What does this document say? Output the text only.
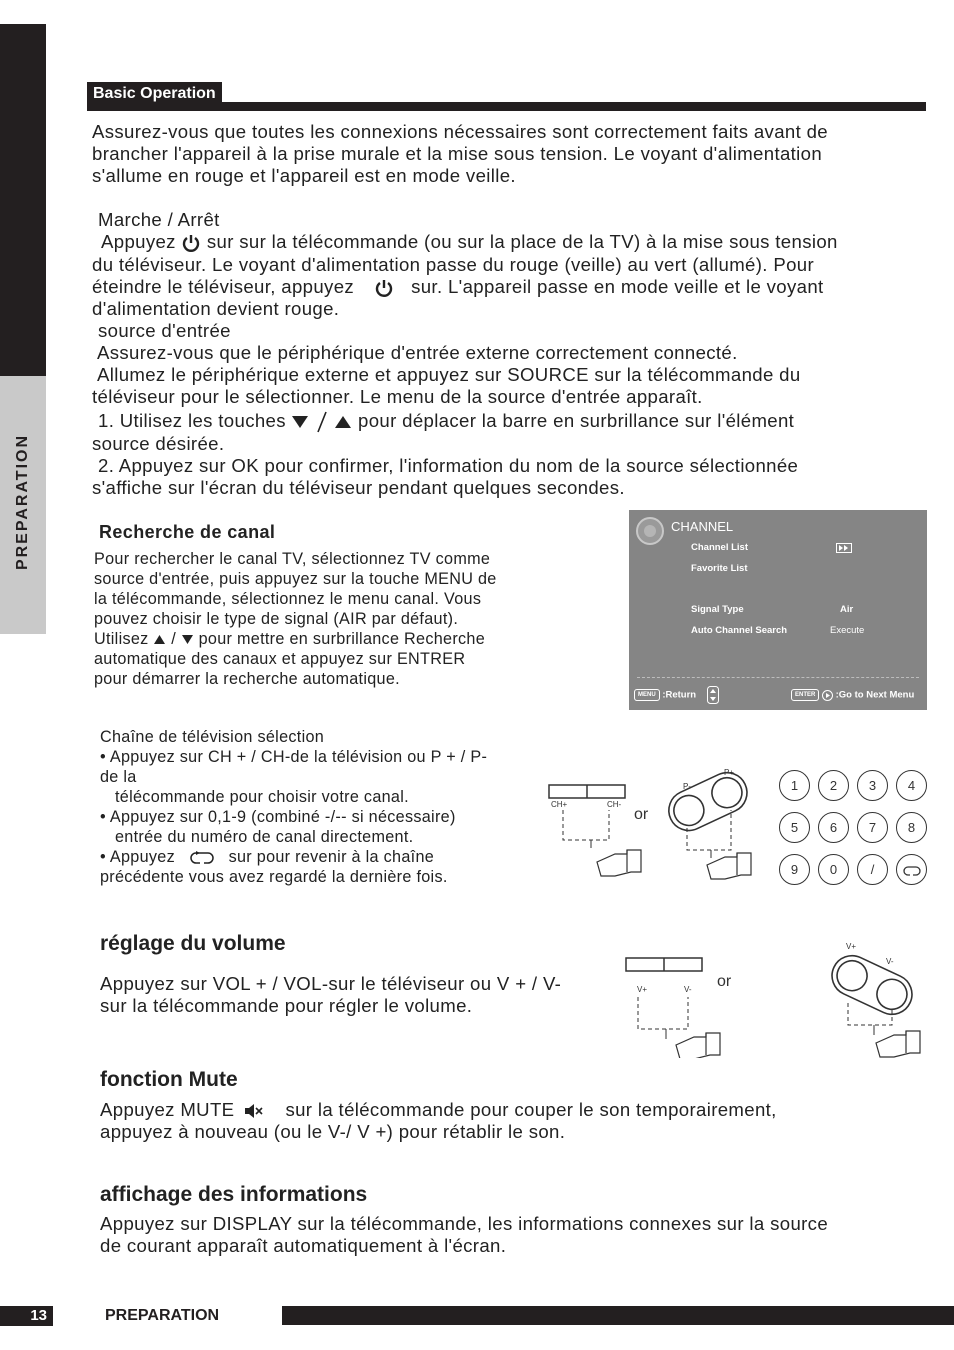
PREPARATION
Basic Operation
Assurez-vous que toutes les connexions nécessaires sont correctement faits avant de
brancher l'appareil à la prise murale et la mise sous tension. Le voyant d'alimentation
s'allume en rouge et l'appareil est en mode veille.
Marche / Arrêt
Appuyez sur sur la télécommande (ou sur la place de la TV) à la mise sous tension
du téléviseur. Le voyant d'alimentation passe du rouge (veille) au vert (allumé). Pour
éteindre le téléviseur, appuyez	sur. L'appareil passe en mode veille et le voyant
d'alimentation devient rouge.
source d'entrée
Assurez-vous que le périphérique d'entrée externe correctement connecté.
Allumez le périphérique externe et appuyez sur SOURCE sur la télécommande du
téléviseur pour le sélectionner. Le menu de la source d'entrée apparaît.
1. Utilisez les touches	pour déplacer la barre en surbrillance sur l'élément
source désirée.
2. Appuyez sur OK pour confirmer, l'information du nom de la source sélectionnée
s'affiche sur l'écran du téléviseur pendant quelques secondes.
Recherche de canal
Pour rechercher le canal TV, sélectionnez TV comme
source d'entrée, puis appuyez sur la touche MENU de
la télécommande, sélectionnez le menu canal. Vous
pouvez choisir le type de signal (AIR par défaut).
Utilisez  /  pour mettre en surbrillance Recherche
automatique des canaux et appuyez sur ENTRER
pour démarrer la recherche automatique.
CHANNEL
Channel List
Favorite List
Signal Type	Air
Auto Channel Search	Execute
MENU :Return	ENTER :Go to Next Menu
Chaîne de télévision sélection
• Appuyez sur CH + / CH-de la télévision ou P + / P-
de la
télécommande pour choisir votre canal.
• Appuyez sur 0,1-9 (combiné -/-- si nécessaire)
entrée du numéro de canal directement.
• Appuyez	sur pour revenir à la chaîne
précédente vous avez regardé la dernière fois.
CH+	CH-
or
P-
P+
1	2	3	4
5	6	7	8
9	0	/
réglage du volume
Appuyez sur VOL + / VOL-sur le téléviseur ou V + / V-
sur la télécommande pour régler le volume.
V+	V- or
V+
V-
fonction Mute
Appuyez MUTE	sur la télécommande pour couper le son temporairement,
appuyez à nouveau (ou le V-/ V +) pour rétablir le son.
affichage des informations
Appuyez sur DISPLAY sur la télécommande, les informations connexes sur la source
de courant apparaît automatiquement à l'écran.
13	PREPARATION
